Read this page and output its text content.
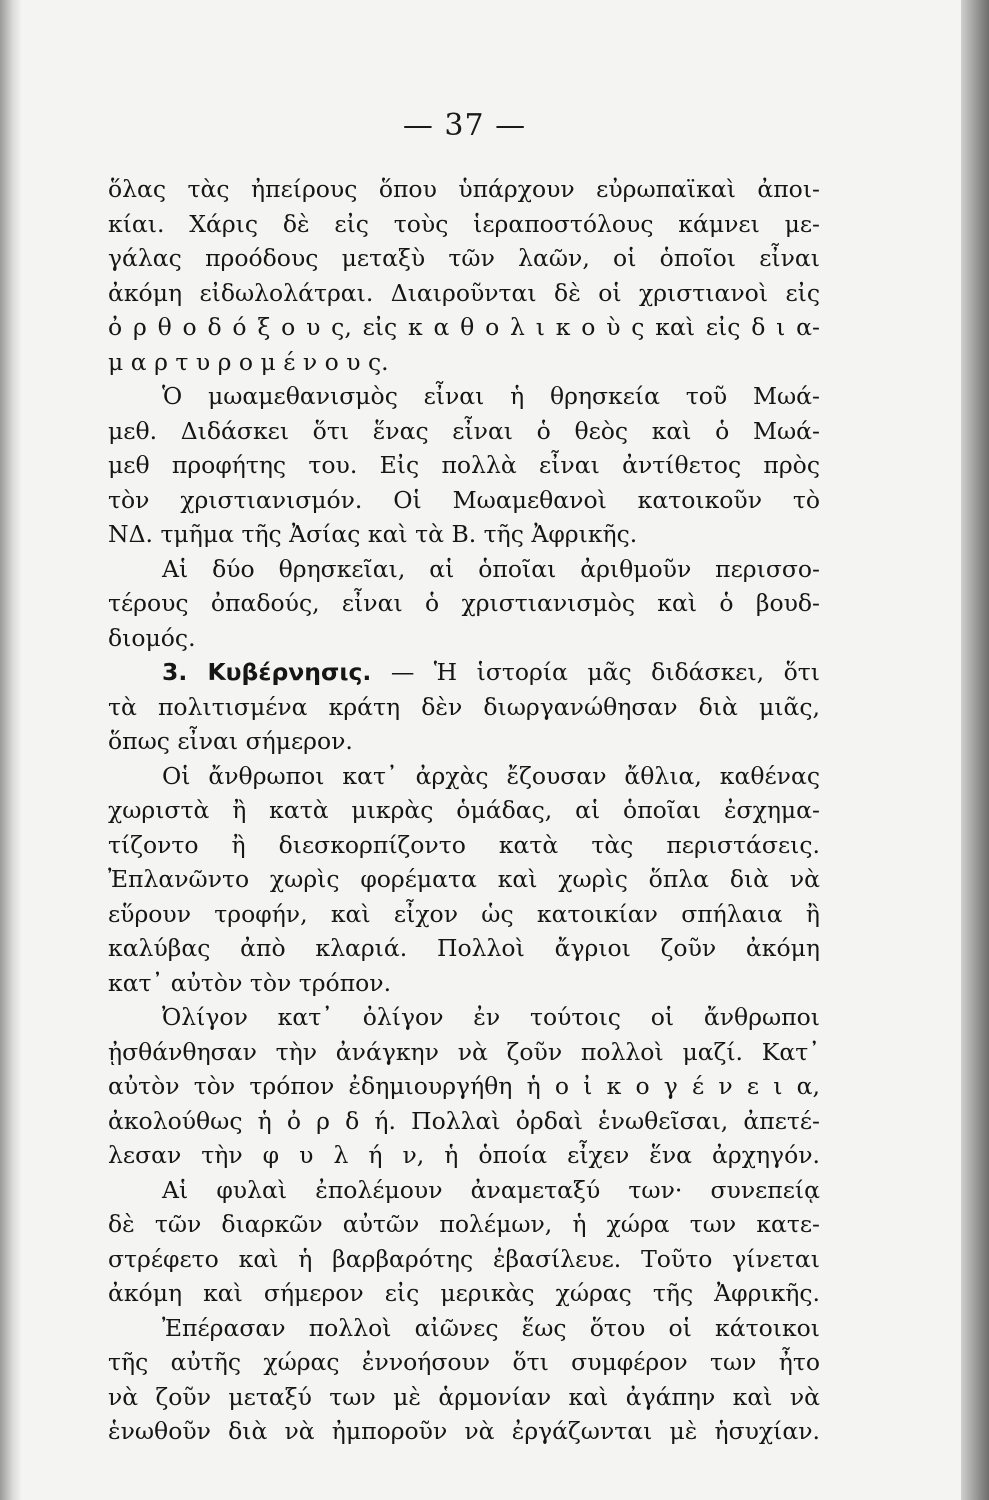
— 37 —
ὅλας τὰς ἠπείρους ὅπου ὑπάρχουν εὐρωπαϊκαὶ ἀποι-
κίαι. Χάρις δὲ εἰς τοὺς ἱεραποστόλους κάμνει με-
γάλας προόδους μεταξὺ τῶν λαῶν, οἱ ὁποῖοι εἶναι
ἀκόμη εἰδωλολάτραι. Διαιροῦνται δὲ οἱ χριστιανοὶ εἰς
ὀ ρ θ ο δ ό ξ ο υ ς, εἰς κ α θ ο λ ι κ ο ὺ ς καὶ εἰς δ ι α-
μ α ρ τ υ ρ ο μ έ ν ο υ ς.
Ὁ μωαμεθανισμὸς εἶναι ἡ θρησκεία τοῦ Μωά-
μεθ. Διδάσκει ὅτι ἕνας εἶναι ὁ θεὸς καὶ ὁ Μωά-
μεθ προφήτης του. Εἰς πολλὰ εἶναι ἀντίθετος πρὸς
τὸν χριστιανισμόν. Οἱ Μωαμεθανοὶ κατοικοῦν τὸ
ΝΔ. τμῆμα τῆς Ἀσίας καὶ τὰ Β. τῆς Ἀφρικῆς.
Αἱ δύο θρησκεῖαι, αἱ ὁποῖαι ἀριθμοῦν περισσο-
τέρους ὀπαδούς, εἶναι ὁ χριστιανισμὸς καὶ ὁ βουδ-
διομός.
3. Κυβέρνησις. — Ἡ ἱστορία μᾶς διδάσκει, ὅτι
τὰ πολιτισμένα κράτη δὲν διωργανώθησαν διὰ μιᾶς,
ὅπως εἶναι σήμερον.
Οἱ ἄνθρωποι κατ᾽ ἀρχὰς ἔζουσαν ἄθλια, καθένας
χωριστὰ ἢ κατὰ μικρὰς ὁμάδας, αἱ ὁποῖαι ἐσχημα-
τίζοντο ἢ διεσκορπίζοντο κατὰ τὰς περιστάσεις.
Ἐπλανῶντο χωρὶς φορέματα καὶ χωρὶς ὅπλα διὰ νὰ
εὕρουν τροφήν, καὶ εἶχον ὡς κατοικίαν σπήλαια ἢ
καλύβας ἀπὸ κλαριά. Πολλοὶ ἄγριοι ζοῦν ἀκόμη
κατ᾽ αὐτὸν τὸν τρόπον.
Ὀλίγον κατ᾽ ὀλίγον ἐν τούτοις οἱ ἄνθρωποι
ᾐσθάνθησαν τὴν ἀνάγκην νὰ ζοῦν πολλοὶ μαζί. Κατ᾽
αὐτὸν τὸν τρόπον ἐδημιουργήθη ἡ ο ἰ κ ο γ έ ν ε ι α,
ἀκολούθως ἡ ὀ ρ δ ή. Πολλαὶ ὀρδαὶ ἑνωθεῖσαι, ἀπετέ-
λεσαν τὴν φ υ λ ή ν, ἡ ὁποία εἶχεν ἕνα ἀρχηγόν.
Αἱ φυλαὶ ἐπολέμουν ἀναμεταξύ των· συνεπείᾳ
δὲ τῶν διαρκῶν αὐτῶν πολέμων, ἡ χώρα των κατε-
στρέφετο καὶ ἡ βαρβαρότης ἐβασίλευε. Τοῦτο γίνεται
ἀκόμη καὶ σήμερον εἰς μερικὰς χώρας τῆς Ἀφρικῆς.
Ἐπέρασαν πολλοὶ αἰῶνες ἕως ὅτου οἱ κάτοικοι
τῆς αὐτῆς χώρας ἐννοήσουν ὅτι συμφέρον των ἦτο
νὰ ζοῦν μεταξύ των μὲ ἁρμονίαν καὶ ἀγάπην καὶ νὰ
ἑνωθοῦν διὰ νὰ ἠμποροῦν νὰ ἐργάζωνται μὲ ἡσυχίαν.
